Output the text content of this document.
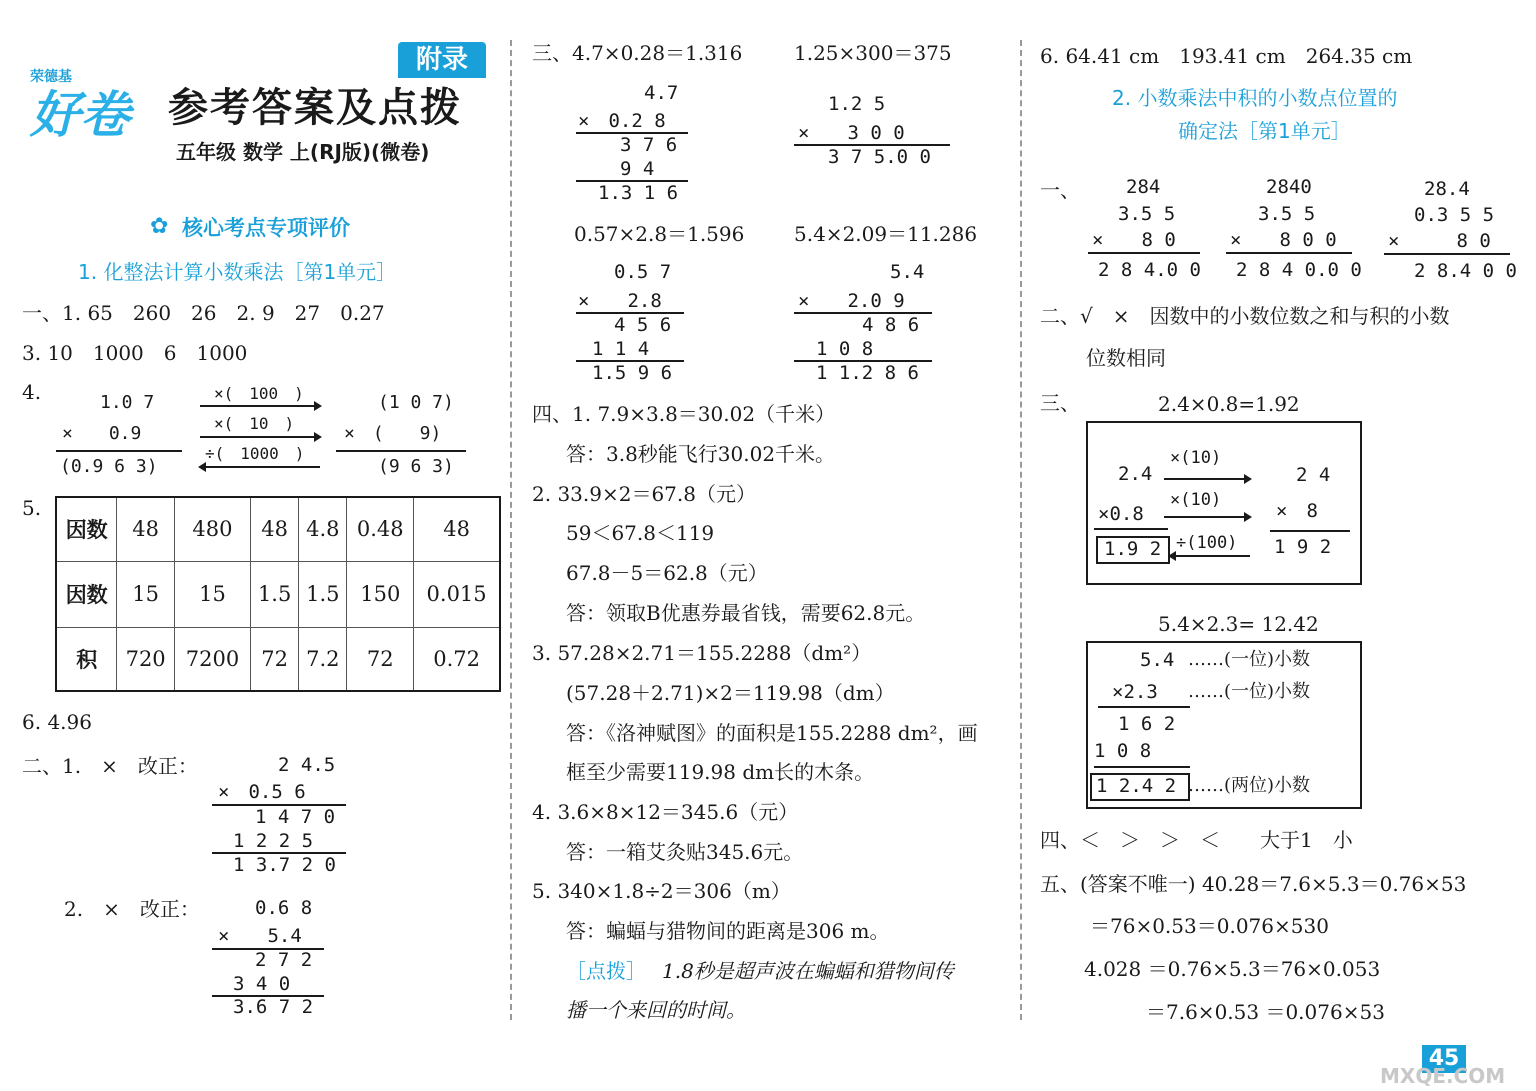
荣德基
好卷
附录
参考答案及点拨
五年级 数学 上(RJ版)(微卷)
✿ 核心考点专项评价
1. 化整法计算小数乘法［第1单元］
一、1. 65　260　26　2. 9　27　0.27
3. 10　1000　6　1000
4.	1.0 7
×　　0.9
(0.9 6 3)
×(　100　)
×(　10　)
÷(　1000　)
(1 0 7)
×　(　　9)
(9 6 3)
5.
因数	48	480	48	4.8	0.48	48
因数	15	15	1.5	1.5	150	0.015
积	720	7200	72	7.2	72	0.72
6. 4.96
二、1.　×　改正：	2 4.5
×　0.5 6
1 4 7 0
1 2 2 5
1 3.7 2 0
2.　×　改正：	0.6 8
×　　5.4
2 7 2
3 4 0
3.6 7 2
三、4.7×0.28＝1.316	1.25×300＝375
4.7
×　0.2 8
3 7 6
9 4
1.3 1 6
1.2 5
×　　3 0 0
3 7 5.0 0
0.57×2.8＝1.596 5.4×2.09＝11.286
0.5 7
×　　2.8
4 5 6
1 1 4
1.5 9 6
5.4
×　　2.0 9
4 8 6
1 0 8
1 1.2 8 6
四、1. 7.9×3.8＝30.02（千米）
答：3.8秒能飞行30.02千米。
2. 33.9×2＝67.8（元）
59＜67.8＜119
67.8－5＝62.8（元）
答：领取B优惠券最省钱，需要62.8元。
3. 57.28×2.71＝155.2288（dm²）
(57.28＋2.71)×2＝119.98（dm）
答：《洛神赋图》的面积是155.2288 dm²，画
框至少需要119.98 dm长的木条。
4. 3.6×8×12＝345.6（元）
答：一箱艾灸贴345.6元。
5. 340×1.8÷2＝306（m）
答：蝙蝠与猎物间的距离是306 m。
［点拨］ 1.8秒是超声波在蝙蝠和猎物间传
播一个来回的时间。
6. 64.41 cm　193.41 cm　264.35 cm
2. 小数乘法中积的小数点位置的
确定法［第1单元］
一、 284
3.5 5
×　　8 0
2 8 4.0 0
2840
3.5 5
×　　8 0 0
2 8 4 0.0 0
28.4
0.3 5 5
×　　　8 0
2 8.4 0 0
二、√　×　因数中的小数位数之和与积的小数
位数相同
三、	2.4×0.8=1.92
2.4
×(10)
×0.8
×(10)
1.9 2 ÷(100)
2 4
×　8
1 9 2
5.4×2.3= 12.42
5.4 ……(一位)小数
×2.3 ……(一位)小数
1 6 2
1 0 8
1 2.4 2 ……(两位)小数
四、＜　＞　＞　＜　　大于1　小
五、(答案不唯一) 40.28＝7.6×5.3＝0.76×53
＝76×0.53＝0.076×530
4.028 ＝0.76×5.3＝76×0.053
＝7.6×0.53 ＝0.076×53
45
MXQE.COM
